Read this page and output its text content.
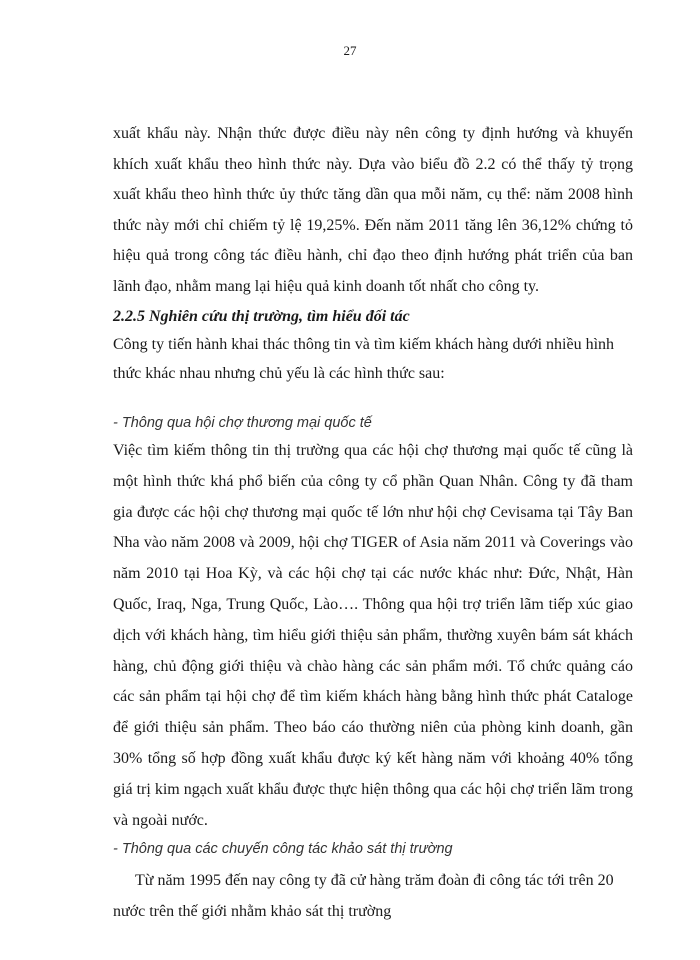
27

xuất khẩu này. Nhận thức được điều này nên công ty định hướng và khuyến khích xuất khẩu theo hình thức này. Dựa vào biểu đồ 2.2 có thể thấy tỷ trọng xuất khẩu theo hình thức ủy thức tăng dần qua mỗi năm, cụ thể: năm 2008 hình thức này mới chỉ chiếm tỷ lệ 19,25%. Đến năm 2011 tăng lên 36,12% chứng tỏ hiệu quả trong công tác điều hành, chỉ đạo theo định hướng phát triển của ban lãnh đạo, nhằm mang lại hiệu quả kinh doanh tốt nhất cho công ty.

2.2.5 Nghiên cứu thị trường, tìm hiểu đối tác

Công ty tiến hành khai thác thông tin và tìm kiếm khách hàng dưới nhiều hình thức khác nhau nhưng chủ yếu là các hình thức sau:

- Thông qua hội chợ thương mại quốc tế

Việc tìm kiếm thông tin thị trường qua các hội chợ thương mại quốc tế cũng là một hình thức khá phổ biến của công ty cổ phần Quan Nhân. Công ty đã tham gia được các hội chợ thương mại quốc tế lớn như hội chợ Cevisama tại Tây Ban Nha vào năm 2008 và 2009, hội chợ TIGER of Asia năm 2011 và Coverings vào năm 2010 tại Hoa Kỳ, và các hội chợ tại các nước khác như: Đức, Nhật, Hàn Quốc, Iraq, Nga, Trung Quốc, Lào…. Thông qua hội trợ triển lãm tiếp xúc giao dịch với khách hàng, tìm hiểu giới thiệu sản phẩm, thường xuyên bám sát khách hàng, chủ động giới thiệu và chào hàng các sản phẩm mới. Tổ chức quảng cáo các sản phẩm tại hội chợ để tìm kiếm khách hàng bằng hình thức phát Cataloge để giới thiệu sản phẩm. Theo báo cáo thường niên của phòng kinh doanh, gần 30% tổng số hợp đồng xuất khẩu được ký kết hàng năm với khoảng 40% tổng giá trị kim ngạch xuất khẩu được thực hiện thông qua các hội chợ triển lãm trong và ngoài nước.

- Thông qua các chuyến công tác khảo sát thị trường

Từ năm 1995 đến nay công ty đã cử hàng trăm đoàn đi công tác tới trên 20 nước trên thế giới nhằm khảo sát thị trường
